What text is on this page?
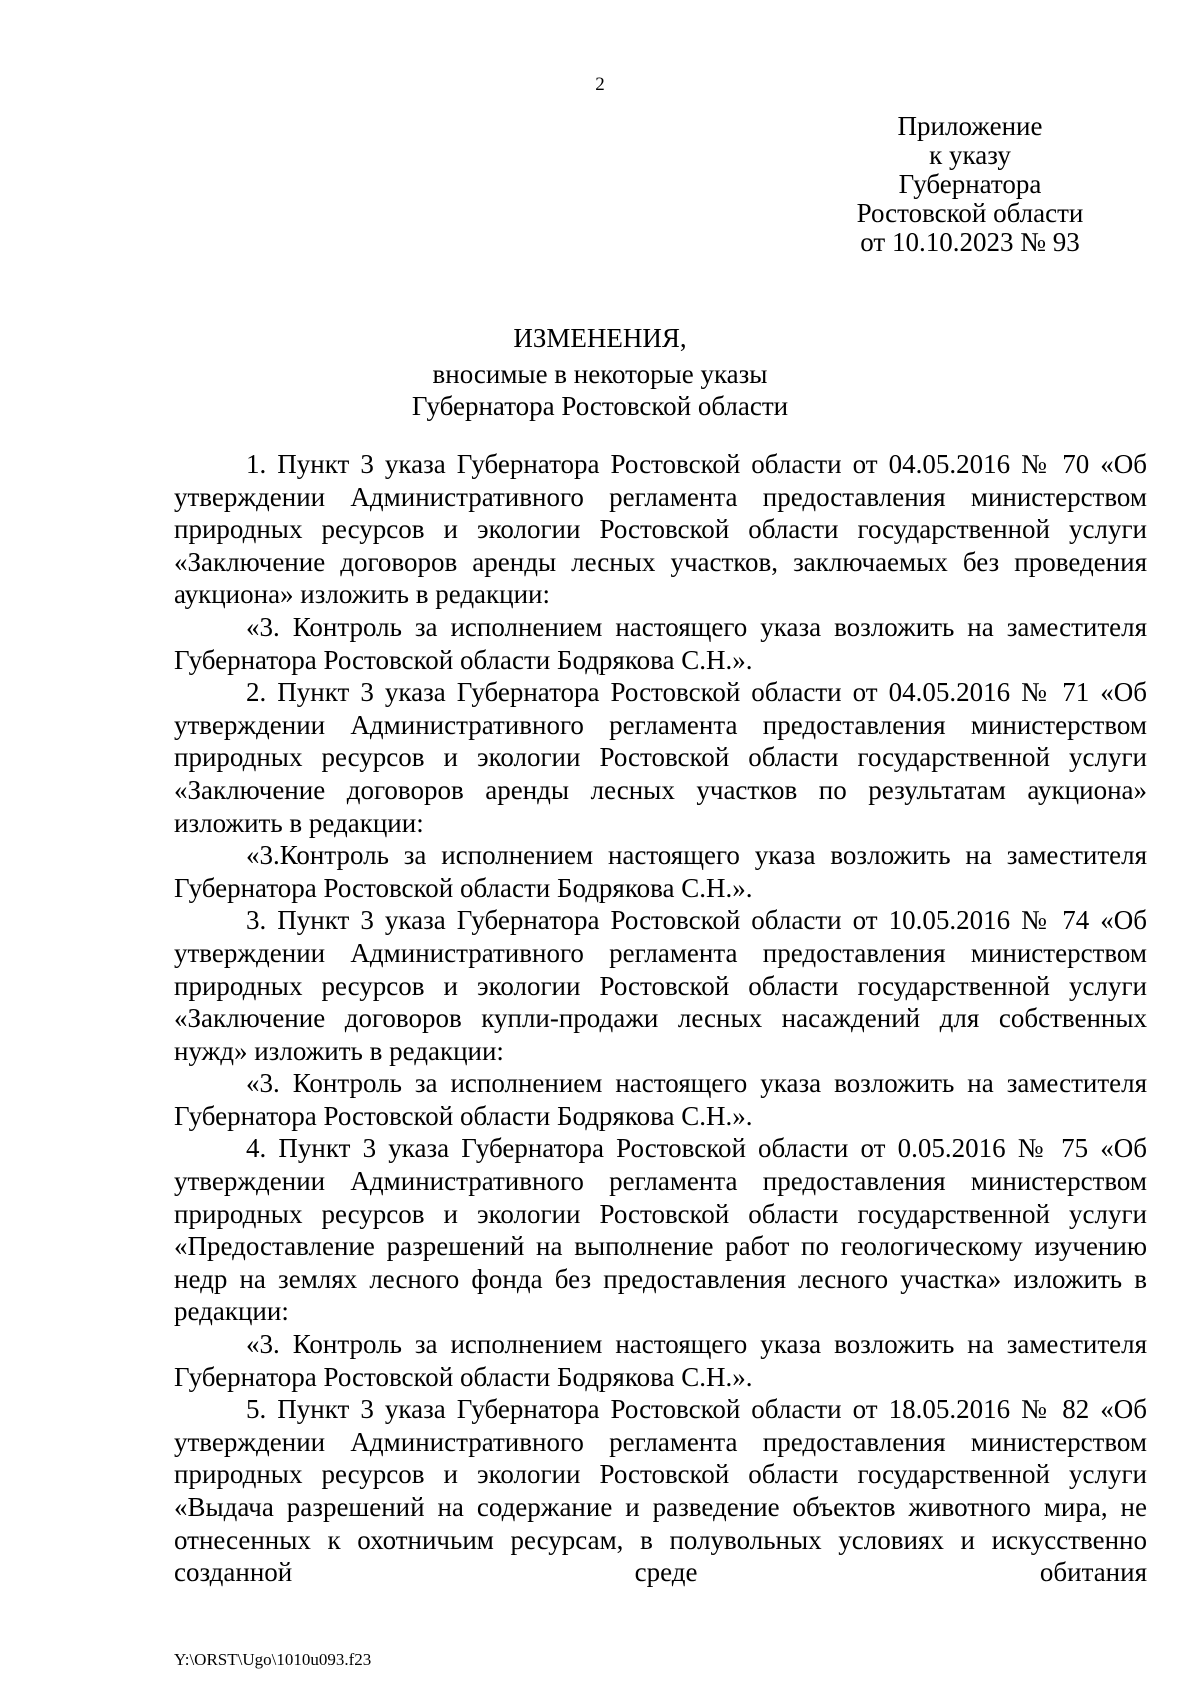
2
Приложение
к указу
Губернатора
Ростовской области
от 10.10.2023 № 93
ИЗМЕНЕНИЯ,
вносимые в некоторые указы
Губернатора Ростовской области

1. Пункт 3 указа Губернатора Ростовской области от 04.05.2016 № 70 «Об утверждении Административного регламента предоставления министерством природных ресурсов и экологии Ростовской области государственной услуги «Заключение договоров аренды лесных участков, заключаемых без проведения аукциона» изложить в редакции:

«3. Контроль за исполнением настоящего указа возложить на заместителя Губернатора Ростовской области Бодрякова С.Н.».

2. Пункт 3 указа Губернатора Ростовской области от 04.05.2016 № 71 «Об утверждении Административного регламента предоставления министерством природных ресурсов и экологии Ростовской области государственной услуги «Заключение договоров аренды лесных участков по результатам аукциона» изложить в редакции:

«3.Контроль за исполнением настоящего указа возложить на заместителя Губернатора Ростовской области Бодрякова С.Н.».

3. Пункт 3 указа Губернатора Ростовской области от 10.05.2016 № 74 «Об утверждении Административного регламента предоставления министерством природных ресурсов и экологии Ростовской области государственной услуги «Заключение договоров купли-продажи лесных насаждений для собственных нужд» изложить в редакции:

«3. Контроль за исполнением настоящего указа возложить на заместителя Губернатора Ростовской области Бодрякова С.Н.».

4. Пункт 3 указа Губернатора Ростовской области от 0.05.2016 № 75 «Об утверждении Административного регламента предоставления министерством природных ресурсов и экологии Ростовской области государственной услуги «Предоставление разрешений на выполнение работ по геологическому изучению недр на землях лесного фонда без предоставления лесного участка» изложить в редакции:

«3. Контроль за исполнением настоящего указа возложить на заместителя Губернатора Ростовской области Бодрякова С.Н.».

5. Пункт 3 указа Губернатора Ростовской области от 18.05.2016 № 82 «Об утверждении Административного регламента предоставления министерством природных ресурсов и экологии Ростовской области государственной услуги «Выдача разрешений на содержание и разведение объектов животного мира, не отнесенных к охотничьим ресурсам, в полувольных условиях и искусственно созданной среде обитания

Y:\ORST\Ugo\1010u093.f23
